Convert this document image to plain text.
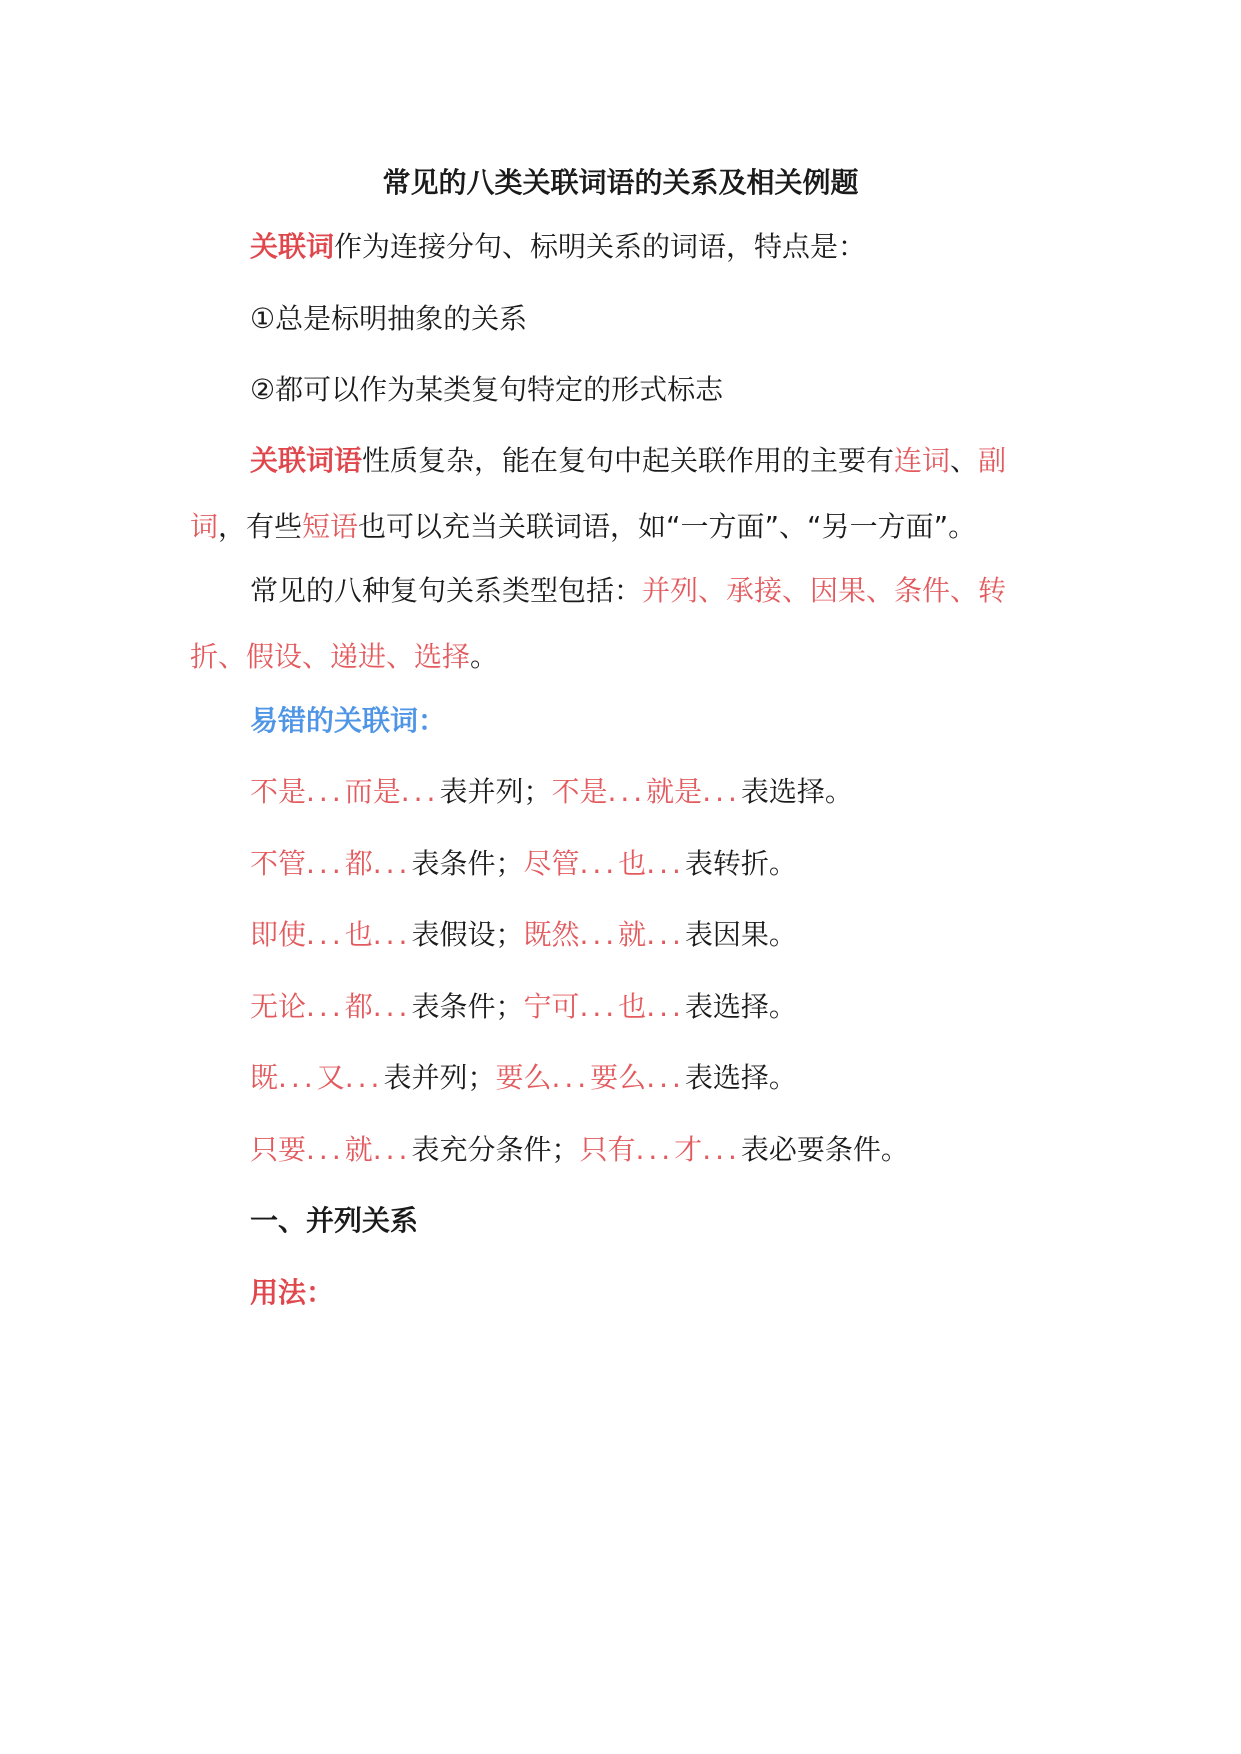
常见的八类关联词语的关系及相关例题

关联词作为连接分句、标明关系的词语，特点是：

①总是标明抽象的关系

②都可以作为某类复句特定的形式标志

关联词语性质复杂，能在复句中起关联作用的主要有连词、副词，有些短语也可以充当关联词语，如“一方面”、“另一方面”。

常见的八种复句关系类型包括：并列、承接、因果、条件、转折、假设、递进、选择。

易错的关联词：

不是...而是...表并列；不是...就是...表选择。

不管...都...表条件；尽管...也...表转折。

即使...也...表假设；既然...就...表因果。

无论...都...表条件；宁可...也...表选择。

既...又...表并列；要么...要么...表选择。

只要...就...表充分条件；只有...才...表必要条件。

一、并列关系

用法：
